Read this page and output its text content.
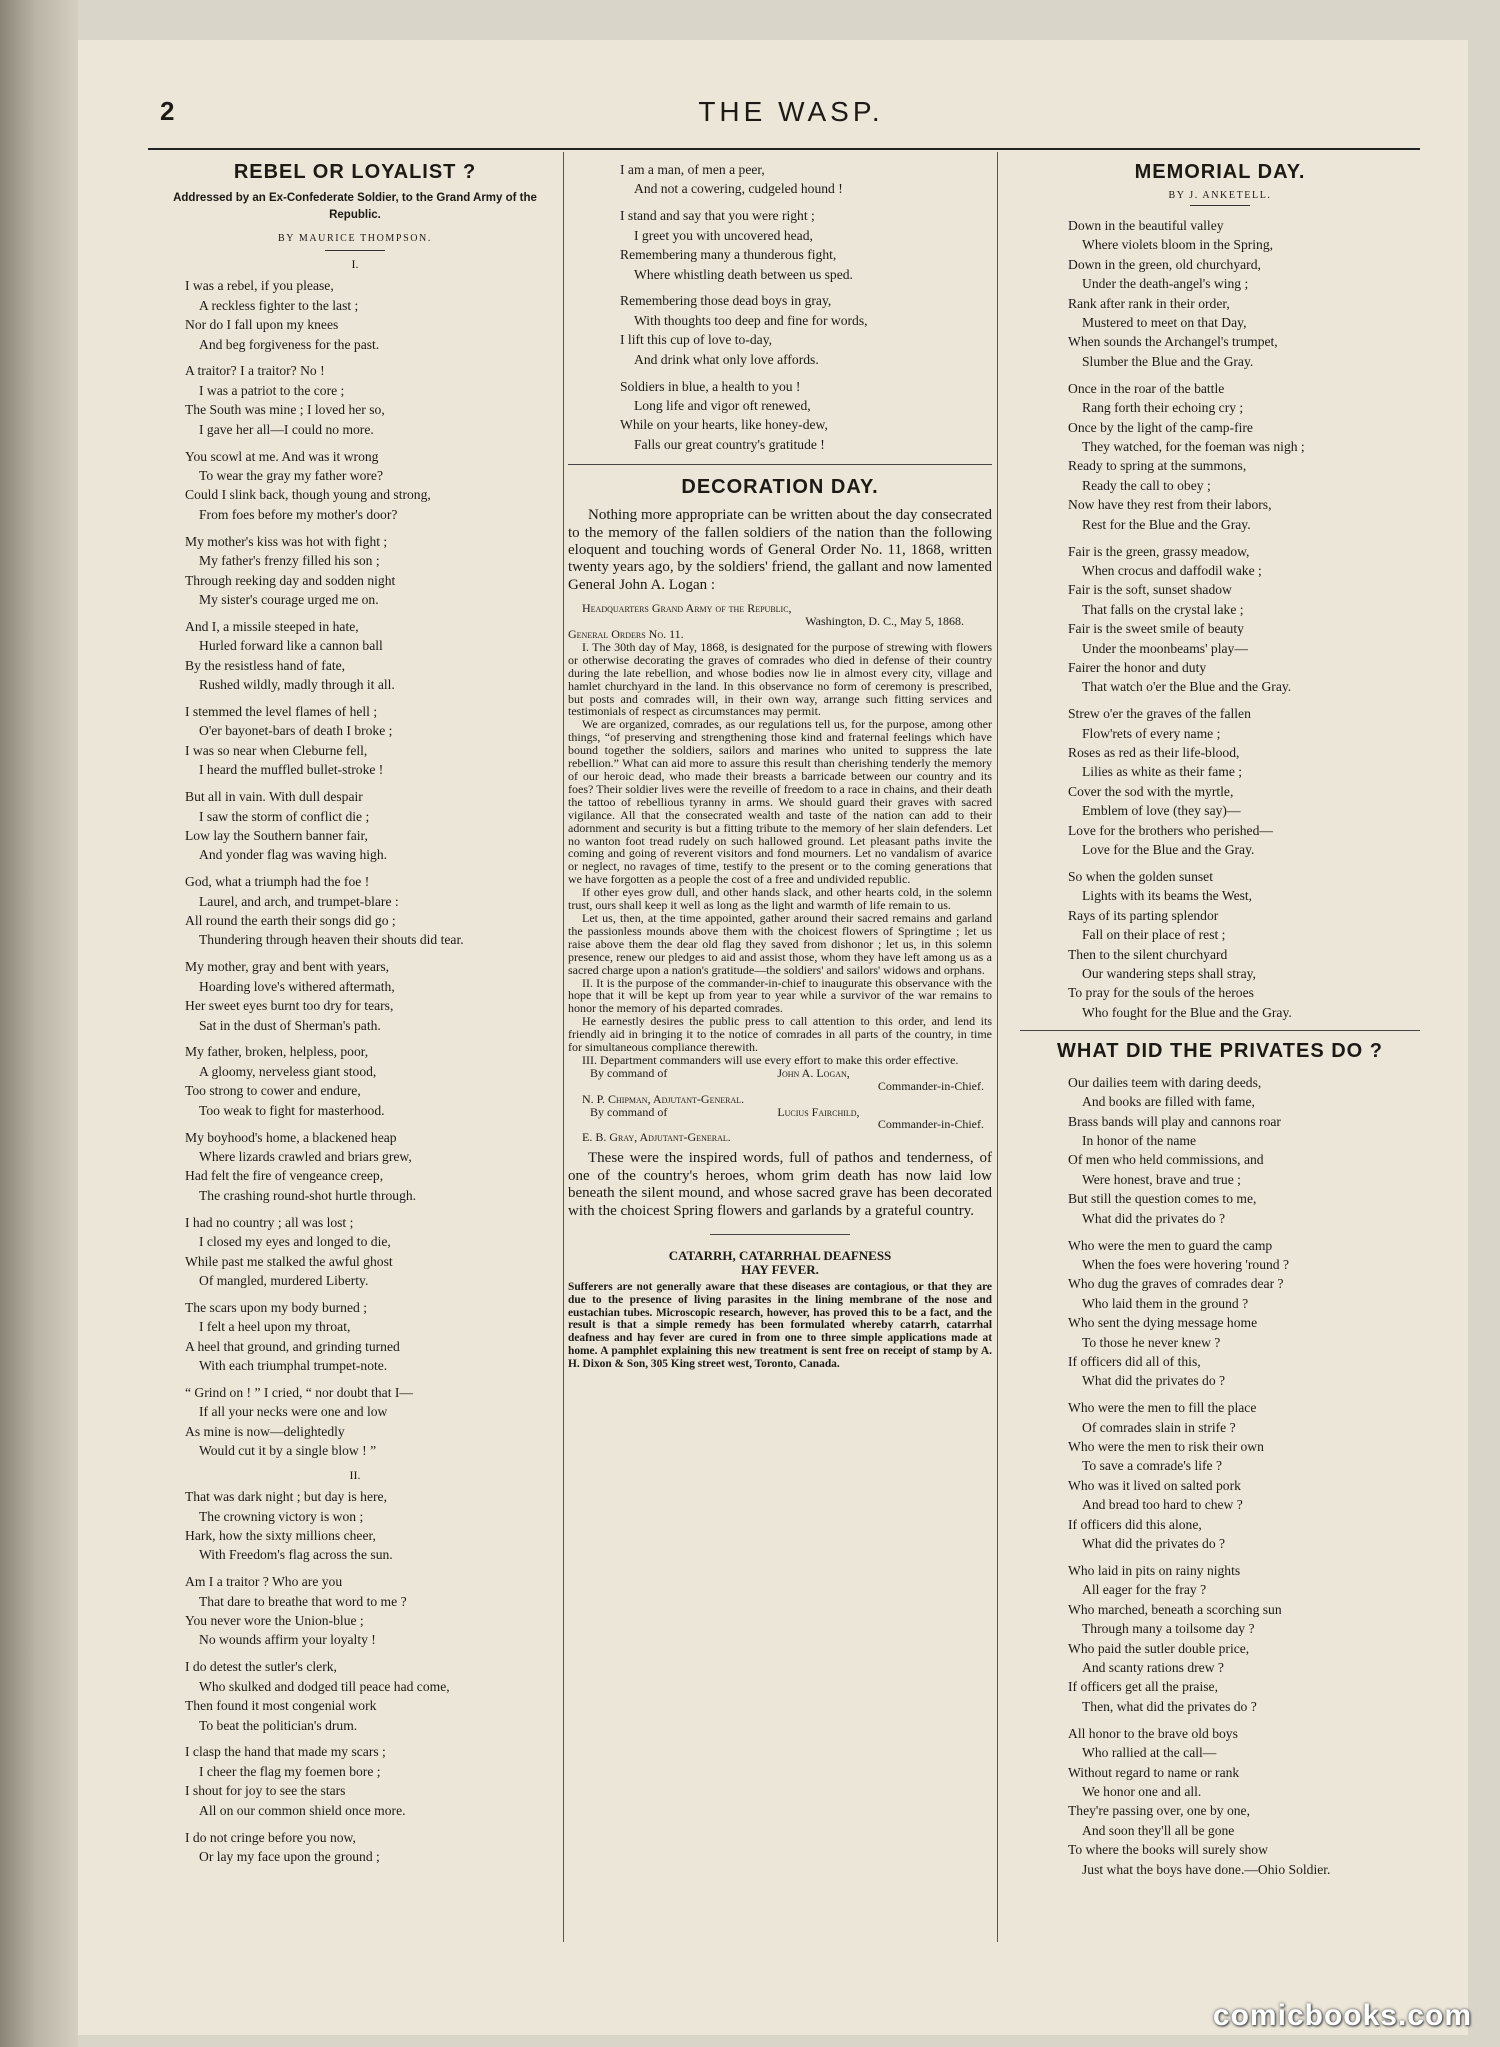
2	THE WASP.
REBEL OR LOYALIST ?

Addressed by an Ex-Confederate Soldier, to the Grand Army of the Republic.

BY MAURICE THOMPSON.
I.
I was a rebel, if you please,
A reckless fighter to the last ;
Nor do I fall upon my knees
And beg forgiveness for the past.
A traitor? I a traitor? No !
I was a patriot to the core ;
The South was mine ; I loved her so,
I gave her all—I could no more.
You scowl at me. And was it wrong
To wear the gray my father wore?
Could I slink back, though young and strong,
From foes before my mother's door?
My mother's kiss was hot with fight ;
My father's frenzy filled his son ;
Through reeking day and sodden night
My sister's courage urged me on.
And I, a missile steeped in hate,
Hurled forward like a cannon ball
By the resistless hand of fate,
Rushed wildly, madly through it all.
I stemmed the level flames of hell ;
O'er bayonet-bars of death I broke ;
I was so near when Cleburne fell,
I heard the muffled bullet-stroke !
But all in vain. With dull despair
I saw the storm of conflict die ;
Low lay the Southern banner fair,
And yonder flag was waving high.
God, what a triumph had the foe !
Laurel, and arch, and trumpet-blare :
All round the earth their songs did go ;
Thundering through heaven their shouts did tear.
My mother, gray and bent with years,
Hoarding love's withered aftermath,
Her sweet eyes burnt too dry for tears,
Sat in the dust of Sherman's path.
My father, broken, helpless, poor,
A gloomy, nerveless giant stood,
Too strong to cower and endure,
Too weak to fight for masterhood.
My boyhood's home, a blackened heap
Where lizards crawled and briars grew,
Had felt the fire of vengeance creep,
The crashing round-shot hurtle through.
I had no country ; all was lost ;
I closed my eyes and longed to die,
While past me stalked the awful ghost
Of mangled, murdered Liberty.
The scars upon my body burned ;
I felt a heel upon my throat,
A heel that ground, and grinding turned
With each triumphal trumpet-note.
“ Grind on ! ” I cried, “ nor doubt that I—
If all your necks were one and low
As mine is now—delightedly
Would cut it by a single blow ! ”
II.
That was dark night ; but day is here,
The crowning victory is won ;
Hark, how the sixty millions cheer,
With Freedom's flag across the sun.
Am I a traitor ? Who are you
That dare to breathe that word to me ?
You never wore the Union-blue ;
No wounds affirm your loyalty !
I do detest the sutler's clerk,
Who skulked and dodged till peace had come,
Then found it most congenial work
To beat the politician's drum.
I clasp the hand that made my scars ;
I cheer the flag my foemen bore ;
I shout for joy to see the stars
All on our common shield once more.
I do not cringe before you now,
Or lay my face upon the ground ;
I am a man, of men a peer,
And not a cowering, cudgeled hound !
I stand and say that you were right ;
I greet you with uncovered head,
Remembering many a thunderous fight,
Where whistling death between us sped.
Remembering those dead boys in gray,
With thoughts too deep and fine for words,
I lift this cup of love to-day,
And drink what only love affords.
Soldiers in blue, a health to you !
Long life and vigor oft renewed,
While on your hearts, like honey-dew,
Falls our great country's gratitude !
DECORATION DAY.

Nothing more appropriate can be written about the day consecrated to the memory of the fallen soldiers of the nation than the following eloquent and touching words of General Order No. 11, 1868, written twenty years ago, by the soldiers' friend, the gallant and now lamented General John A. Logan :

Headquarters Grand Army of the Republic,

Washington, D. C., May 5, 1868.

General Orders No. 11.

I. The 30th day of May, 1868, is designated for the purpose of strewing with flowers or otherwise decorating the graves of comrades who died in defense of their country during the late rebellion, and whose bodies now lie in almost every city, village and hamlet churchyard in the land. In this observance no form of ceremony is prescribed, but posts and comrades will, in their own way, arrange such fitting services and testimonials of respect as circumstances may permit.

We are organized, comrades, as our regulations tell us, for the purpose, among other things, “of preserving and strengthening those kind and fraternal feelings which have bound together the soldiers, sailors and marines who united to suppress the late rebellion.” What can aid more to assure this result than cherishing tenderly the memory of our heroic dead, who made their breasts a barricade between our country and its foes? Their soldier lives were the reveille of freedom to a race in chains, and their death the tattoo of rebellious tyranny in arms. We should guard their graves with sacred vigilance. All that the consecrated wealth and taste of the nation can add to their adornment and security is but a fitting tribute to the memory of her slain defenders. Let no wanton foot tread rudely on such hallowed ground. Let pleasant paths invite the coming and going of reverent visitors and fond mourners. Let no vandalism of avarice or neglect, no ravages of time, testify to the present or to the coming generations that we have forgotten as a people the cost of a free and undivided republic.

If other eyes grow dull, and other hands slack, and other hearts cold, in the solemn trust, ours shall keep it well as long as the light and warmth of life remain to us.

Let us, then, at the time appointed, gather around their sacred remains and garland the passionless mounds above them with the choicest flowers of Springtime ; let us raise above them the dear old flag they saved from dishonor ; let us, in this solemn presence, renew our pledges to aid and assist those, whom they have left among us as a sacred charge upon a nation's gratitude—the soldiers' and sailors' widows and orphans.

II. It is the purpose of the commander-in-chief to inaugurate this observance with the hope that it will be kept up from year to year while a survivor of the war remains to honor the memory of his departed comrades.

He earnestly desires the public press to call attention to this order, and lend its friendly aid in bringing it to the notice of comrades in all parts of the country, in time for simultaneous compliance therewith.

III. Department commanders will use every effort to make this order effective.

By command of	John A. Logan,

Commander-in-Chief.

N. P. Chipman, Adjutant-General.

By command of	Lucius Fairchild,

Commander-in-Chief.

E. B. Gray, Adjutant-General.

These were the inspired words, full of pathos and tenderness, of one of the country's heroes, whom grim death has now laid low beneath the silent mound, and whose sacred grave has been decorated with the choicest Spring flowers and garlands by a grateful country.

CATARRH, CATARRHAL DEAFNESS

HAY FEVER.

Sufferers are not generally aware that these diseases are contagious, or that they are due to the presence of living parasites in the lining membrane of the nose and eustachian tubes. Microscopic research, however, has proved this to be a fact, and the result is that a simple remedy has been formulated whereby catarrh, catarrhal deafness and hay fever are cured in from one to three simple applications made at home. A pamphlet explaining this new treatment is sent free on receipt of stamp by A. H. Dixon & Son, 305 King street west, Toronto, Canada.

MEMORIAL DAY.
BY J. ANKETELL.
Down in the beautiful valley
Where violets bloom in the Spring,
Down in the green, old churchyard,
Under the death-angel's wing ;
Rank after rank in their order,
Mustered to meet on that Day,
When sounds the Archangel's trumpet,
Slumber the Blue and the Gray.
Once in the roar of the battle
Rang forth their echoing cry ;
Once by the light of the camp-fire
They watched, for the foeman was nigh ;
Ready to spring at the summons,
Ready the call to obey ;
Now have they rest from their labors,
Rest for the Blue and the Gray.
Fair is the green, grassy meadow,
When crocus and daffodil wake ;
Fair is the soft, sunset shadow
That falls on the crystal lake ;
Fair is the sweet smile of beauty
Under the moonbeams' play—
Fairer the honor and duty
That watch o'er the Blue and the Gray.
Strew o'er the graves of the fallen
Flow'rets of every name ;
Roses as red as their life-blood,
Lilies as white as their fame ;
Cover the sod with the myrtle,
Emblem of love (they say)—
Love for the brothers who perished—
Love for the Blue and the Gray.
So when the golden sunset
Lights with its beams the West,
Rays of its parting splendor
Fall on their place of rest ;
Then to the silent churchyard
Our wandering steps shall stray,
To pray for the souls of the heroes
Who fought for the Blue and the Gray.
WHAT DID THE PRIVATES DO ?
Our dailies teem with daring deeds,
And books are filled with fame,
Brass bands will play and cannons roar
In honor of the name
Of men who held commissions, and
Were honest, brave and true ;
But still the question comes to me,
What did the privates do ?
Who were the men to guard the camp
When the foes were hovering 'round ?
Who dug the graves of comrades dear ?
Who laid them in the ground ?
Who sent the dying message home
To those he never knew ?
If officers did all of this,
What did the privates do ?
Who were the men to fill the place
Of comrades slain in strife ?
Who were the men to risk their own
To save a comrade's life ?
Who was it lived on salted pork
And bread too hard to chew ?
If officers did this alone,
What did the privates do ?
Who laid in pits on rainy nights
All eager for the fray ?
Who marched, beneath a scorching sun
Through many a toilsome day ?
Who paid the sutler double price,
And scanty rations drew ?
If officers get all the praise,
Then, what did the privates do ?
All honor to the brave old boys
Who rallied at the call—
Without regard to name or rank
We honor one and all.
They're passing over, one by one,
And soon they'll all be gone
To where the books will surely show
Just what the boys have done.—Ohio Soldier.
comicbooks.com
